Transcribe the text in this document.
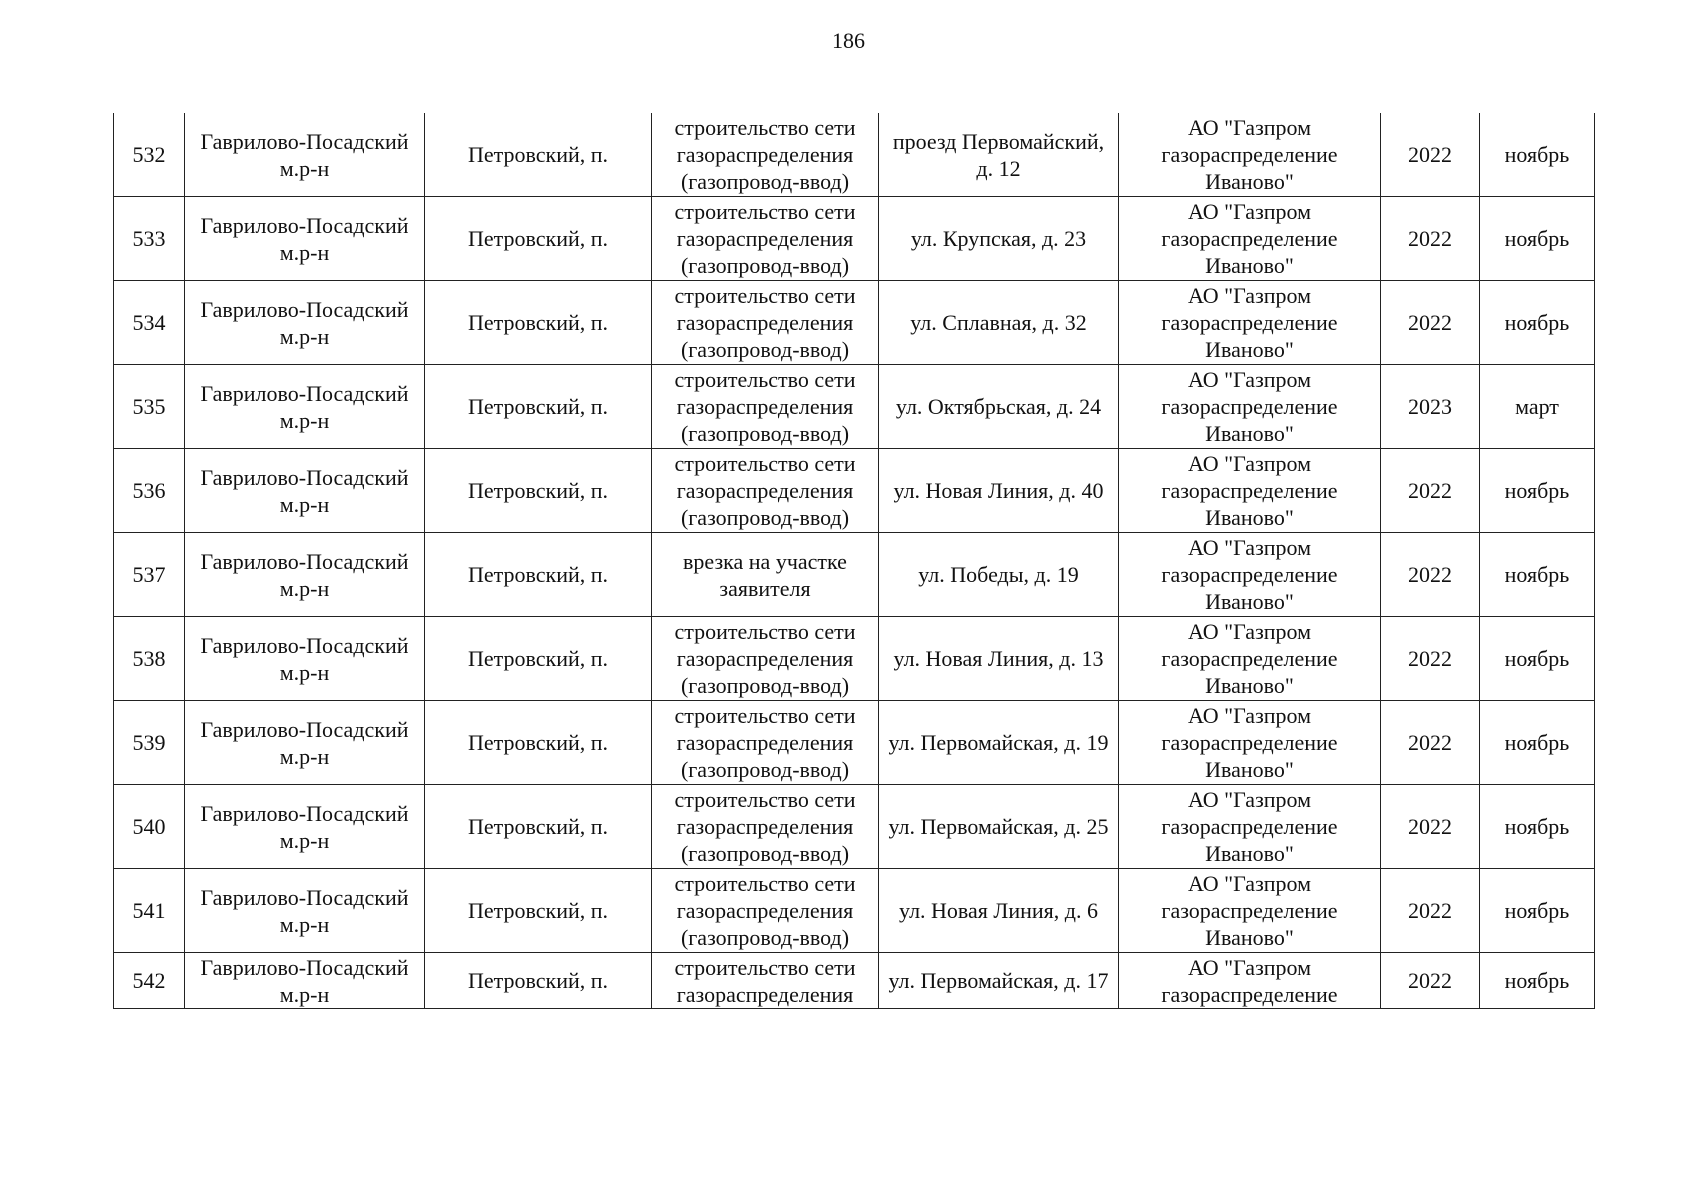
186
532	Гаврилово-Посадский м.р-н	Петровский, п.	строительство сети газораспределения (газопровод-ввод)	проезд Первомайский, д. 12	АО "Газпром газораспределение Иваново"	2022	ноябрь

533	Гаврилово-Посадский м.р-н	Петровский, п.	строительство сети газораспределения (газопровод-ввод)	ул. Крупская, д. 23	АО "Газпром газораспределение Иваново"	2022	ноябрь

534	Гаврилово-Посадский м.р-н	Петровский, п.	строительство сети газораспределения (газопровод-ввод)	ул. Сплавная, д. 32	АО "Газпром газораспределение Иваново"	2022	ноябрь

535	Гаврилово-Посадский м.р-н	Петровский, п.	строительство сети газораспределения (газопровод-ввод)	ул. Октябрьская, д. 24	АО "Газпром газораспределение Иваново"	2023	март

536	Гаврилово-Посадский м.р-н	Петровский, п.	строительство сети газораспределения (газопровод-ввод)	ул. Новая Линия, д. 40	АО "Газпром газораспределение Иваново"	2022	ноябрь

537	Гаврилово-Посадский м.р-н	Петровский, п.	врезка на участке заявителя	ул. Победы, д. 19	АО "Газпром газораспределение Иваново"	2022	ноябрь

538	Гаврилово-Посадский м.р-н	Петровский, п.	строительство сети газораспределения (газопровод-ввод)	ул. Новая Линия, д. 13	АО "Газпром газораспределение Иваново"	2022	ноябрь

539	Гаврилово-Посадский м.р-н	Петровский, п.	строительство сети газораспределения (газопровод-ввод)	ул. Первомайская, д. 19	АО "Газпром газораспределение Иваново"	2022	ноябрь

540	Гаврилово-Посадский м.р-н	Петровский, п.	строительство сети газораспределения (газопровод-ввод)	ул. Первомайская, д. 25	АО "Газпром газораспределение Иваново"	2022	ноябрь

541	Гаврилово-Посадский м.р-н	Петровский, п.	строительство сети газораспределения (газопровод-ввод)	ул. Новая Линия, д. 6	АО "Газпром газораспределение Иваново"	2022	ноябрь

542	Гаврилово-Посадский м.р-н	Петровский, п.	строительство сети газораспределения	ул. Первомайская, д. 17	АО "Газпром газораспределение	2022	ноябрь
